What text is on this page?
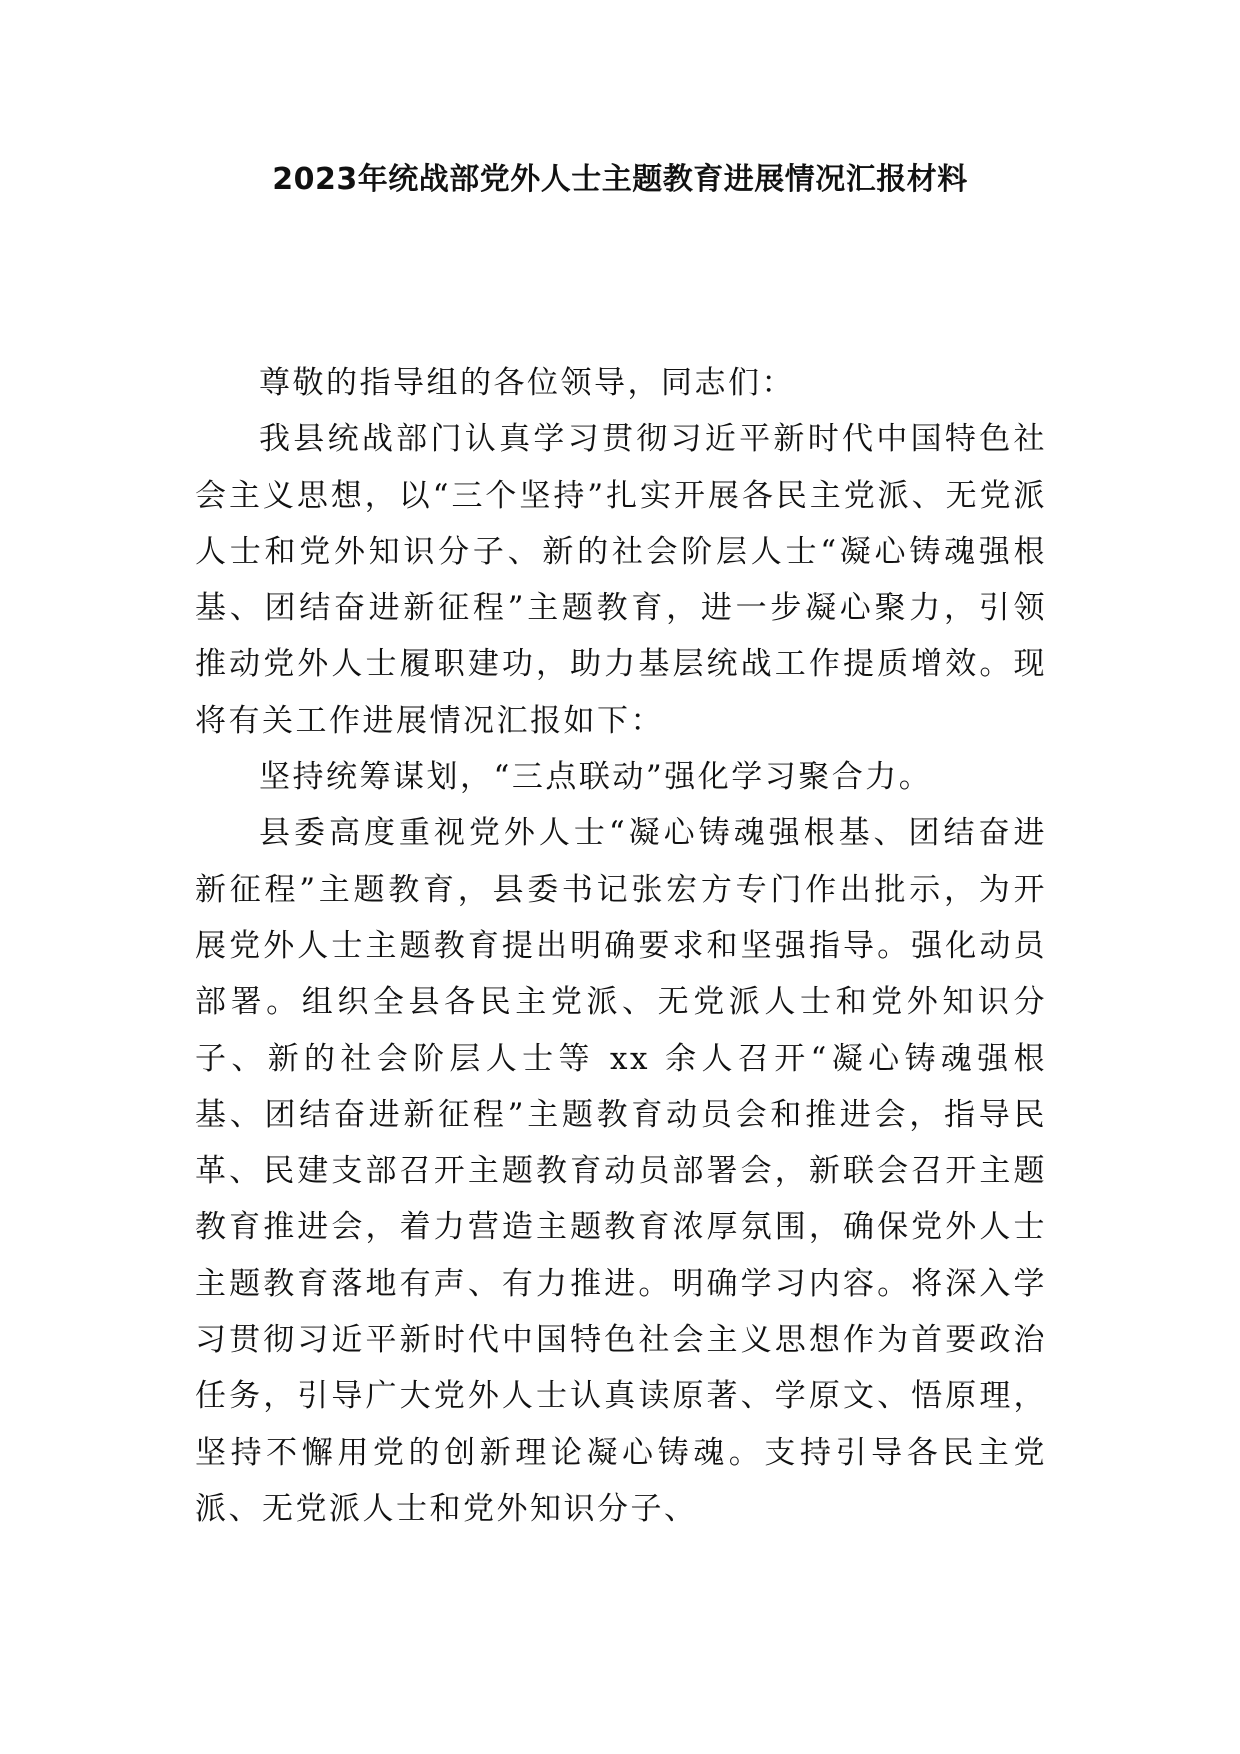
2023年统战部党外人士主题教育进展情况汇报材料

尊敬的指导组的各位领导，同志们：

我县统战部门认真学习贯彻习近平新时代中国特色社会主义思想，以“三个坚持”扎实开展各民主党派、无党派人士和党外知识分子、新的社会阶层人士“凝心铸魂强根基、团结奋进新征程”主题教育，进一步凝心聚力，引领推动党外人士履职建功，助力基层统战工作提质增效。现将有关工作进展情况汇报如下：

坚持统筹谋划，“三点联动”强化学习聚合力。

县委高度重视党外人士“凝心铸魂强根基、团结奋进新征程”主题教育，县委书记张宏方专门作出批示，为开展党外人士主题教育提出明确要求和坚强指导。强化动员部署。组织全县各民主党派、无党派人士和党外知识分子、新的社会阶层人士等 xx 余人召开“凝心铸魂强根基、团结奋进新征程”主题教育动员会和推进会，指导民革、民建支部召开主题教育动员部署会，新联会召开主题教育推进会，着力营造主题教育浓厚氛围，确保党外人士主题教育落地有声、有力推进。明确学习内容。将深入学习贯彻习近平新时代中国特色社会主义思想作为首要政治任务，引导广大党外人士认真读原著、学原文、悟原理，坚持不懈用党的创新理论凝心铸魂。支持引导各民主党派、无党派人士和党外知识分子、
